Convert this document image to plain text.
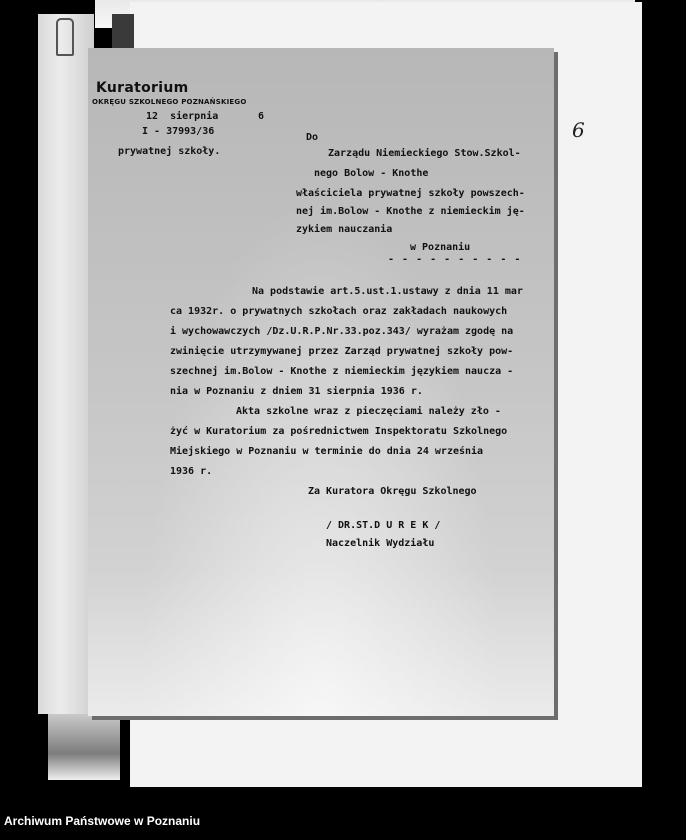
6
Kuratorium
OKRĘGU SZKOLNEGO POZNAŃSKIEGO
12 sierpnia	6
I - 37993/36
prywatnej szkoły.
Do
Zarządu Niemieckiego Stow.Szkol-
nego Bolow - Knothe
właściciela prywatnej szkoły powszech-
nej im.Bolow - Knothe z niemieckim ję-
zykiem nauczania
w Poznaniu
- - - - - - - - - -
Na podstawie art.5.ust.1.ustawy z dnia 11 mar
ca 1932r. o prywatnych szkołach oraz zakładach naukowych
i wychowawczych /Dz.U.R.P.Nr.33.poz.343/ wyrażam zgodę na
zwinięcie utrzymywanej przez Zarząd prywatnej szkoły pow-
szechnej im.Bolow - Knothe z niemieckim językiem naucza -
nia w Poznaniu z dniem 31 sierpnia 1936 r.
Akta szkolne wraz z pieczęciami należy zło -
żyć w Kuratorium za pośrednictwem Inspektoratu Szkolnego
Miejskiego w Poznaniu w terminie do dnia 24 września
1936 r.
Za Kuratora Okręgu Szkolnego
/ DR.ST.D U R E K /
Naczelnik Wydziału
Archiwum Państwowe w Poznaniu
